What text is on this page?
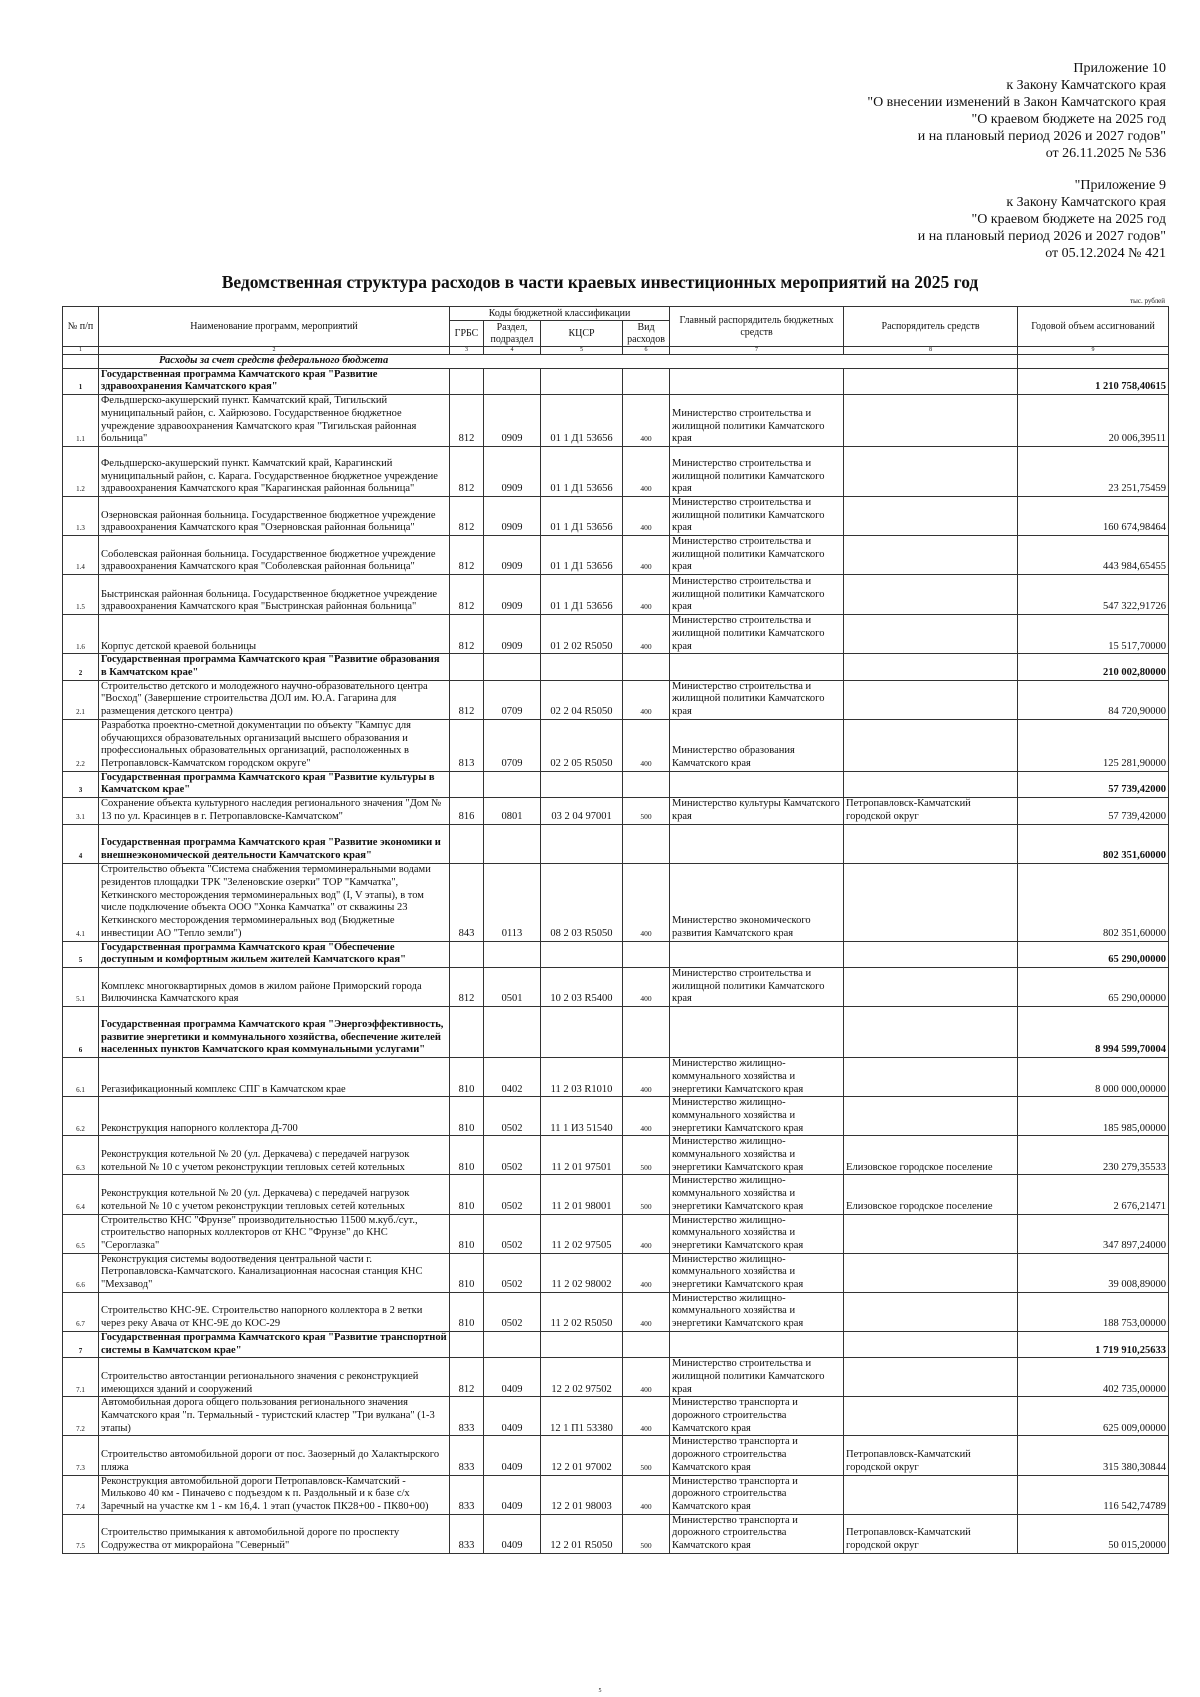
Приложение 10
к Закону Камчатского края
"О внесении изменений в Закон Камчатского края
"О краевом бюджете на 2025 год
и на плановый период 2026 и 2027 годов"
от 26.11.2025 № 536
"Приложение 9
к Закону Камчатского края
"О краевом бюджете на 2025 год
и на плановый период 2026 и 2027 годов"
от 05.12.2024 № 421
Ведомственная структура расходов в части краевых инвестиционных мероприятий на 2025 год
тыс. рублей
№ п/п	Наименование программ, мероприятий	Коды бюджетной классификации				Главный распорядитель бюджетных средств	Распорядитель средств	Годовой объем ассигнований
		ГРБС	Раздел, подраздел	КЦСР	Вид расходов			
1	2	3	4	5	6	7	8	9
	Расходы за счет средств федерального бюджета							
1	Государственная программа Камчатского края "Развитие здравоохранения Камчатского края"							1 210 758,40615
1.1	Фельдшерско-акушерский пункт. Камчатский край, Тигильский муниципальный район, с. Хайрюзово. Государственное бюджетное учреждение здравоохранения Камчатского края "Тигильская районная больница"	812	0909	01 1 Д1 53656	400	Министерство строительства и жилищной политики Камчатского края		20 006,39511
1.2	Фельдшерско-акушерский пункт. Камчатский край, Карагинский муниципальный район, с. Карага. Государственное бюджетное учреждение здравоохранения Камчатского края "Карагинская районная больница"	812	0909	01 1 Д1 53656	400	Министерство строительства и жилищной политики Камчатского края		23 251,75459
1.3	Озерновская районная больница. Государственное бюджетное учреждение здравоохранения Камчатского края "Озерновская районная больница"	812	0909	01 1 Д1 53656	400	Министерство строительства и жилищной политики Камчатского края		160 674,98464
1.4	Соболевская районная больница. Государственное бюджетное учреждение здравоохранения Камчатского края "Соболевская районная больница"	812	0909	01 1 Д1 53656	400	Министерство строительства и жилищной политики Камчатского края		443 984,65455
1.5	Быстринская районная больница. Государственное бюджетное учреждение здравоохранения Камчатского края "Быстринская районная больница"	812	0909	01 1 Д1 53656	400	Министерство строительства и жилищной политики Камчатского края		547 322,91726
1.6	Корпус детской краевой больницы	812	0909	01 2 02 R5050	400	Министерство строительства и жилищной политики Камчатского края		15 517,70000
2	Государственная программа Камчатского края "Развитие образования в Камчатском крае"							210 002,80000
2.1	Строительство детского и молодежного научно-образовательного центра "Восход" (Завершение строительства ДОЛ им. Ю.А. Гагарина для размещения детского центра)	812	0709	02 2 04 R5050	400	Министерство строительства и жилищной политики Камчатского края		84 720,90000
2.2	Разработка проектно-сметной документации по объекту "Кампус для обучающихся образовательных организаций высшего образования и профессиональных образовательных организаций, расположенных в Петропавловск-Камчатском городском округе"	813	0709	02 2 05 R5050	400	Министерство образования Камчатского края		125 281,90000
3	Государственная программа Камчатского края "Развитие культуры в Камчатском крае"							57 739,42000
3.1	Сохранение объекта культурного наследия регионального значения "Дом № 13 по ул. Красинцев в г. Петропавловске-Камчатском"	816	0801	03 2 04 97001	500	Министерство культуры Камчатского края	Петропавловск-Камчатский городской округ	57 739,42000
4	Государственная программа Камчатского края "Развитие экономики и внешнеэкономической деятельности Камчатского края"							802 351,60000
4.1	Строительство объекта "Система снабжения термоминеральными водами резидентов площадки ТРК "Зеленовские озерки" ТОР "Камчатка", Кеткинского месторождения термоминеральных вод" (I, V этапы), в том числе подключение объекта ООО "Хонка Камчатка" от скважины 23 Кеткинского месторождения термоминеральных вод (Бюджетные инвестиции АО "Тепло земли")	843	0113	08 2 03 R5050	400	Министерство экономического развития Камчатского края		802 351,60000
5	Государственная программа Камчатского края "Обеспечение доступным и комфортным жильем жителей Камчатского края"							65 290,00000
5.1	Комплекс многоквартирных домов в жилом районе Приморский города Вилючинска Камчатского края	812	0501	10 2 03 R5400	400	Министерство строительства и жилищной политики Камчатского края		65 290,00000
6	Государственная программа Камчатского края "Энергоэффективность, развитие энергетики и коммунального хозяйства, обеспечение жителей населенных пунктов Камчатского края коммунальными услугами"							8 994 599,70004
6.1	Регазификационный комплекс СПГ в Камчатском крае	810	0402	11 2 03 R1010	400	Министерство жилищно-коммунального хозяйства и энергетики Камчатского края		8 000 000,00000
6.2	Реконструкция напорного коллектора Д-700	810	0502	11 1 И3 51540	400	Министерство жилищно-коммунального хозяйства и энергетики Камчатского края		185 985,00000
6.3	Реконструкция котельной № 20 (ул. Деркачева) с передачей нагрузок котельной № 10 с учетом реконструкции тепловых сетей котельных	810	0502	11 2 01 97501	500	Министерство жилищно-коммунального хозяйства и энергетики Камчатского края	Елизовское городское поселение	230 279,35533
6.4	Реконструкция котельной № 20 (ул. Деркачева) с передачей нагрузок котельной № 10 с учетом реконструкции тепловых сетей котельных	810	0502	11 2 01 98001	500	Министерство жилищно-коммунального хозяйства и энергетики Камчатского края	Елизовское городское поселение	2 676,21471
6.5	Строительство КНС "Фрунзе" производительностью 11500 м.куб./сут., строительство напорных коллекторов от КНС "Фрунзе" до КНС "Сероглазка"	810	0502	11 2 02 97505	400	Министерство жилищно-коммунального хозяйства и энергетики Камчатского края		347 897,24000
6.6	Реконструкция системы водоотведения центральной части г. Петропавловска-Камчатского. Канализационная насосная станция КНС "Мехзавод"	810	0502	11 2 02 98002	400	Министерство жилищно-коммунального хозяйства и энергетики Камчатского края		39 008,89000
6.7	Строительство КНС-9Е. Строительство напорного коллектора в 2 ветки через реку Авача от КНС-9Е до КОС-29	810	0502	11 2 02 R5050	400	Министерство жилищно-коммунального хозяйства и энергетики Камчатского края		188 753,00000
7	Государственная программа Камчатского края "Развитие транспортной системы в Камчатском крае"							1 719 910,25633
7.1	Строительство автостанции регионального значения с реконструкцией имеющихся зданий и сооружений	812	0409	12 2 02 97502	400	Министерство строительства и жилищной политики Камчатского края		402 735,00000
7.2	Автомобильная дорога общего пользования регионального значения Камчатского края "п. Термальный - туристский кластер "Три вулкана" (1-3 этапы)	833	0409	12 1 П1 53380	400	Министерство транспорта и дорожного строительства Камчатского края		625 009,00000
7.3	Строительство автомобильной дороги от пос. Заозерный до Халактырского пляжа	833	0409	12 2 01 97002	500	Министерство транспорта и дорожного строительства Камчатского края	Петропавловск-Камчатский городской округ	315 380,30844
7.4	Реконструкция автомобильной дороги Петропавловск-Камчатский - Мильково 40 км - Пиначево с подъездом к п. Раздольный и к базе с/х Заречный на участке км 1 - км 16,4. 1 этап (участок ПК28+00 - ПК80+00)	833	0409	12 2 01 98003	400	Министерство транспорта и дорожного строительства Камчатского края		116 542,74789
7.5	Строительство примыкания к автомобильной дороге по проспекту Содружества от микрорайона "Северный"	833	0409	12 2 01 R5050	500	Министерство транспорта и дорожного строительства Камчатского края	Петропавловск-Камчатский городской округ	50 015,20000
5
